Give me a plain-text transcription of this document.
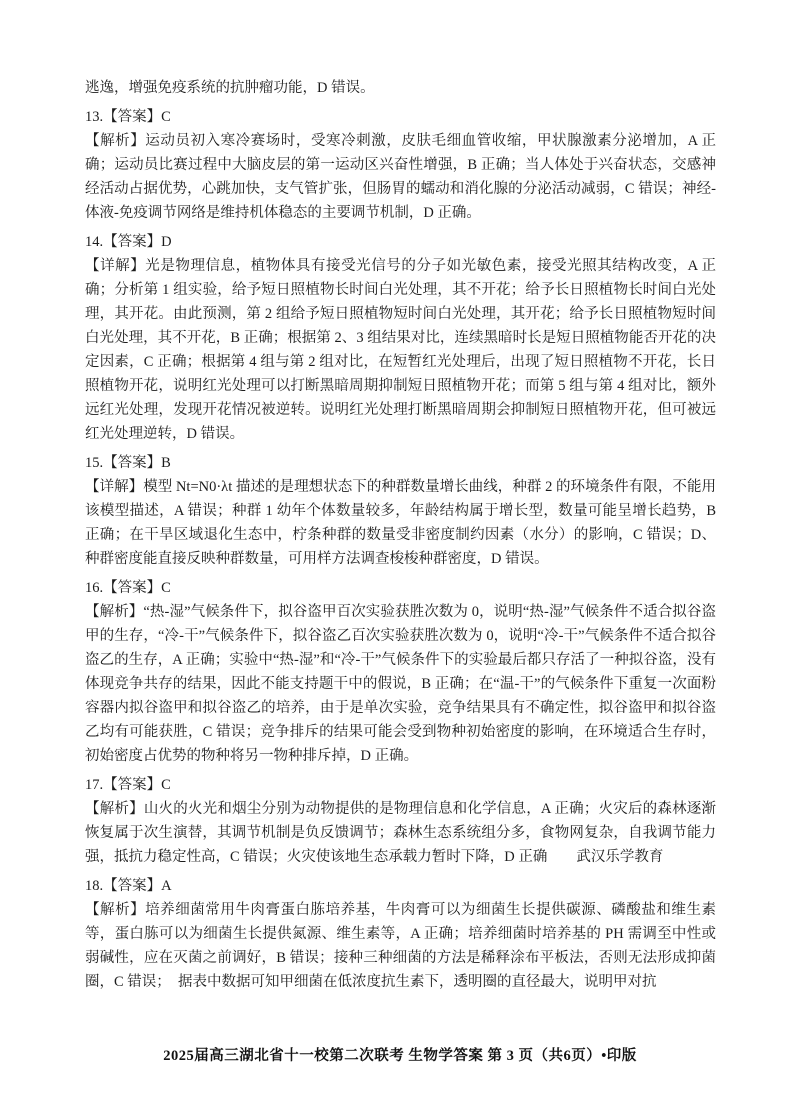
逃逸，增强免疫系统的抗肿瘤功能，D 错误。

13.【答案】C
【解析】运动员初入寒冷赛场时，受寒冷刺激，皮肤毛细血管收缩，甲状腺激素分泌增加，A 正确；运动员比赛过程中大脑皮层的第一运动区兴奋性增强，B 正确；当人体处于兴奋状态，交感神经活动占据优势，心跳加快，支气管扩张，但肠胃的蠕动和消化腺的分泌活动减弱，C 错误；神经-体液-免疫调节网络是维持机体稳态的主要调节机制，D 正确。
14.【答案】D
【详解】光是物理信息，植物体具有接受光信号的分子如光敏色素，接受光照其结构改变，A 正确；分析第 1 组实验，给予短日照植物长时间白光处理，其不开花；给予长日照植物长时间白光处理，其开花。由此预测，第 2 组给予短日照植物短时间白光处理，其开花；给予长日照植物短时间白光处理，其不开花，B 正确；根据第 2、3 组结果对比，连续黑暗时长是短日照植物能否开花的决定因素，C 正确；根据第 4 组与第 2 组对比，在短暂红光处理后，出现了短日照植物不开花，长日照植物开花，说明红光处理可以打断黑暗周期抑制短日照植物开花；而第 5 组与第 4 组对比，额外远红光处理，发现开花情况被逆转。说明红光处理打断黑暗周期会抑制短日照植物开花，但可被远红光处理逆转，D 错误。
15.【答案】B
【详解】模型 Nt=N0·λt 描述的是理想状态下的种群数量增长曲线，种群 2 的环境条件有限，不能用该模型描述，A 错误；种群 1 幼年个体数量较多，年龄结构属于增长型，数量可能呈增长趋势，B 正确；在干旱区域退化生态中，柠条种群的数量受非密度制约因素（水分）的影响，C 错误；D、种群密度能直接反映种群数量，可用样方法调查梭梭种群密度，D 错误。
16.【答案】C
【解析】“热-湿”气候条件下，拟谷盗甲百次实验获胜次数为 0，说明“热-湿”气候条件不适合拟谷盗甲的生存，“冷-干”气候条件下，拟谷盗乙百次实验获胜次数为 0，说明“冷-干”气候条件不适合拟谷盗乙的生存，A 正确；实验中“热-湿”和“冷-干”气候条件下的实验最后都只存活了一种拟谷盗，没有体现竞争共存的结果，因此不能支持题干中的假说，B 正确；在“温-干”的气候条件下重复一次面粉容器内拟谷盗甲和拟谷盗乙的培养，由于是单次实验，竞争结果具有不确定性，拟谷盗甲和拟谷盗乙均有可能获胜，C 错误；竞争排斥的结果可能会受到物种初始密度的影响，在环境适合生存时，初始密度占优势的物种将另一物种排斥掉，D 正确。
17.【答案】C
【解析】山火的火光和烟尘分别为动物提供的是物理信息和化学信息，A 正确；火灾后的森林逐渐恢复属于次生演替，其调节机制是负反馈调节；森林生态系统组分多，食物网复杂，自我调节能力强，抵抗力稳定性高，C 错误；火灾使该地生态承载力暂时下降，D 正确　　武汉乐学教育
18.【答案】A
【解析】培养细菌常用牛肉膏蛋白胨培养基，牛肉膏可以为细菌生长提供碳源、磷酸盐和维生素等，蛋白胨可以为细菌生长提供氮源、维生素等，A 正确；培养细菌时培养基的 PH 需调至中性或弱碱性，应在灭菌之前调好，B 错误；接种三种细菌的方法是稀释涂布平板法，否则无法形成抑菌圈，C 错误；　据表中数据可知甲细菌在低浓度抗生素下，透明圈的直径最大，说明甲对抗
2025届高三湖北省十一校第二次联考 生物学答案 第 3 页（共6页）•印版
